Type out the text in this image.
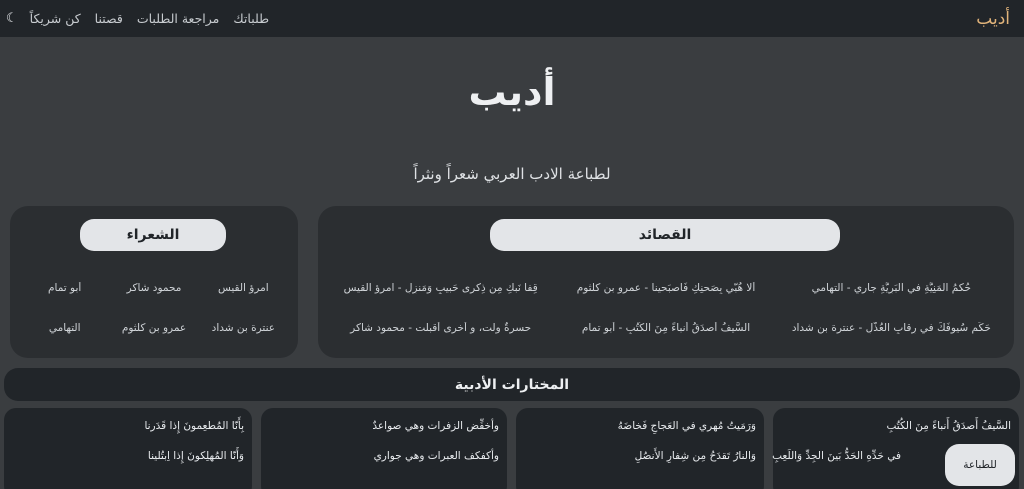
أديب
☾ كن شريكاً قصتنا مراجعة الطلبات طلباتك
أديب
لطباعة الادب العربي شعراً ونثراً
القصائد
حُكمُ المَنِيَّةِ في البَرِيَّةِ جاري - التهامي
ألا هُبّي بِصَحنِكِ فَاصبَحينا - عمرو بن كلثوم
قِفا نَبكِ مِن ذِكرى حَبيبٍ وَمَنزِلِ - امرؤ القيس
حَكِّم سُيوفَكَ في رِقابِ العُذَّلِ - عنترة بن شداد
السَّيفُ أَصدَقُ أَنباءً مِنَ الكُتُبِ - أبو تمام
حسرةٌ ولت، و أخرى أقبلت - محمود شاكر
الشعراء
امرؤ القيس
محمود شاكر
أبو تمام
عنترة بن شداد
عمرو بن كلثوم
التهامي
المختارات الأدبية
السَّيفُ أَصدَقُ أَنباءً مِنَ الكُتُبِ
في حَدِّهِ الحَدُّ بَينَ الجِدِّ وَاللَعِبِ
للطباعة
وَرَمَيتُ مُهري في العَجاجِ فَخاضَهُ
وَالنارُ تَقدَحُ مِن شِفارِ الأَنصُلِ
وأخفِّض الزفرات وهي صواعدٌ
وأكفكف العبرات وهي جواري
بِأَنّا المُطعِمونَ إِذا قَدَرنا
وَأَنّا المُهلِكونَ إِذا اِبتُلينا
